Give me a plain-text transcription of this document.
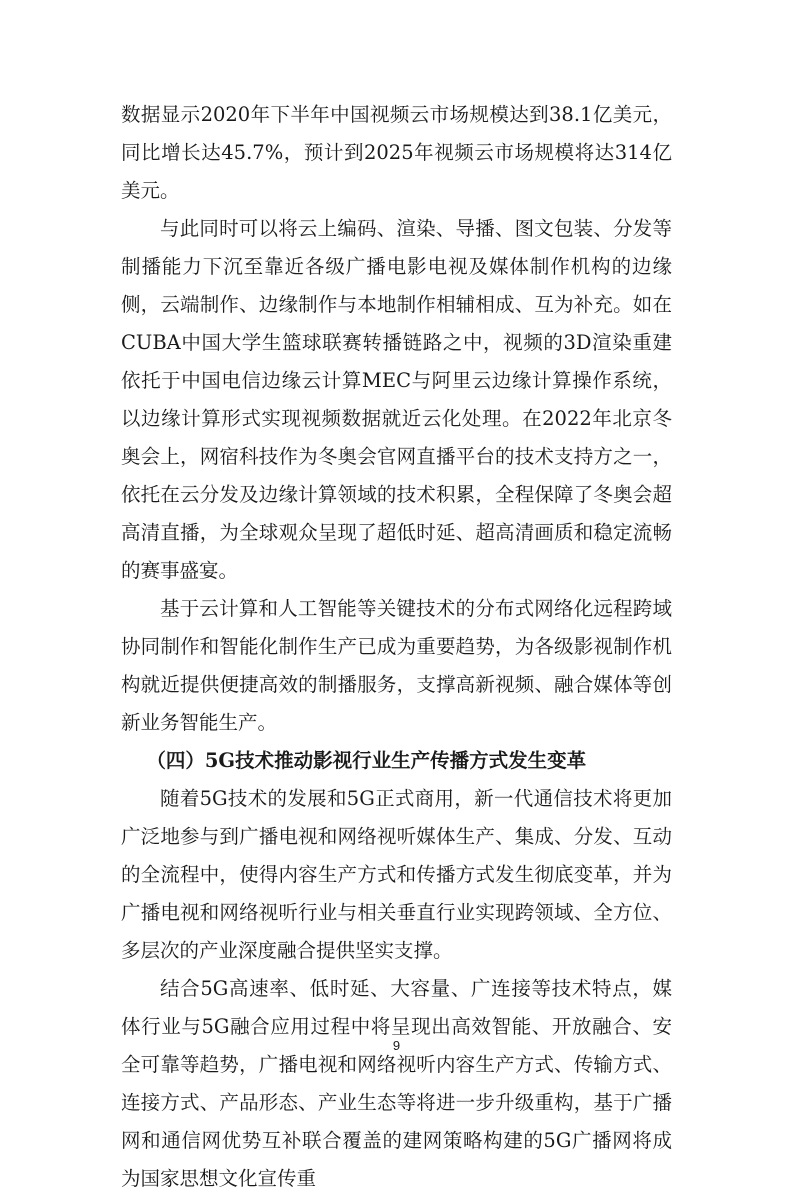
数据显示2020年下半年中国视频云市场规模达到38.1亿美元，同比增长达45.7%，预计到2025年视频云市场规模将达314亿美元。

与此同时可以将云上编码、渲染、导播、图文包装、分发等制播能力下沉至靠近各级广播电影电视及媒体制作机构的边缘侧，云端制作、边缘制作与本地制作相辅相成、互为补充。如在CUBA中国大学生篮球联赛转播链路之中，视频的3D渲染重建依托于中国电信边缘云计算MEC与阿里云边缘计算操作系统，以边缘计算形式实现视频数据就近云化处理。在2022年北京冬奥会上，网宿科技作为冬奥会官网直播平台的技术支持方之一，依托在云分发及边缘计算领域的技术积累，全程保障了冬奥会超高清直播，为全球观众呈现了超低时延、超高清画质和稳定流畅的赛事盛宴。

基于云计算和人工智能等关键技术的分布式网络化远程跨域协同制作和智能化制作生产已成为重要趋势，为各级影视制作机构就近提供便捷高效的制播服务，支撑高新视频、融合媒体等创新业务智能生产。

（四）5G技术推动影视行业生产传播方式发生变革

随着5G技术的发展和5G正式商用，新一代通信技术将更加广泛地参与到广播电视和网络视听媒体生产、集成、分发、互动的全流程中，使得内容生产方式和传播方式发生彻底变革，并为广播电视和网络视听行业与相关垂直行业实现跨领域、全方位、多层次的产业深度融合提供坚实支撑。

结合5G高速率、低时延、大容量、广连接等技术特点，媒体行业与5G融合应用过程中将呈现出高效智能、开放融合、安全可靠等趋势，广播电视和网络视听内容生产方式、传输方式、连接方式、产品形态、产业生态等将进一步升级重构，基于广播网和通信网优势互补联合覆盖的建网策略构建的5G广播网将成为国家思想文化宣传重

9
